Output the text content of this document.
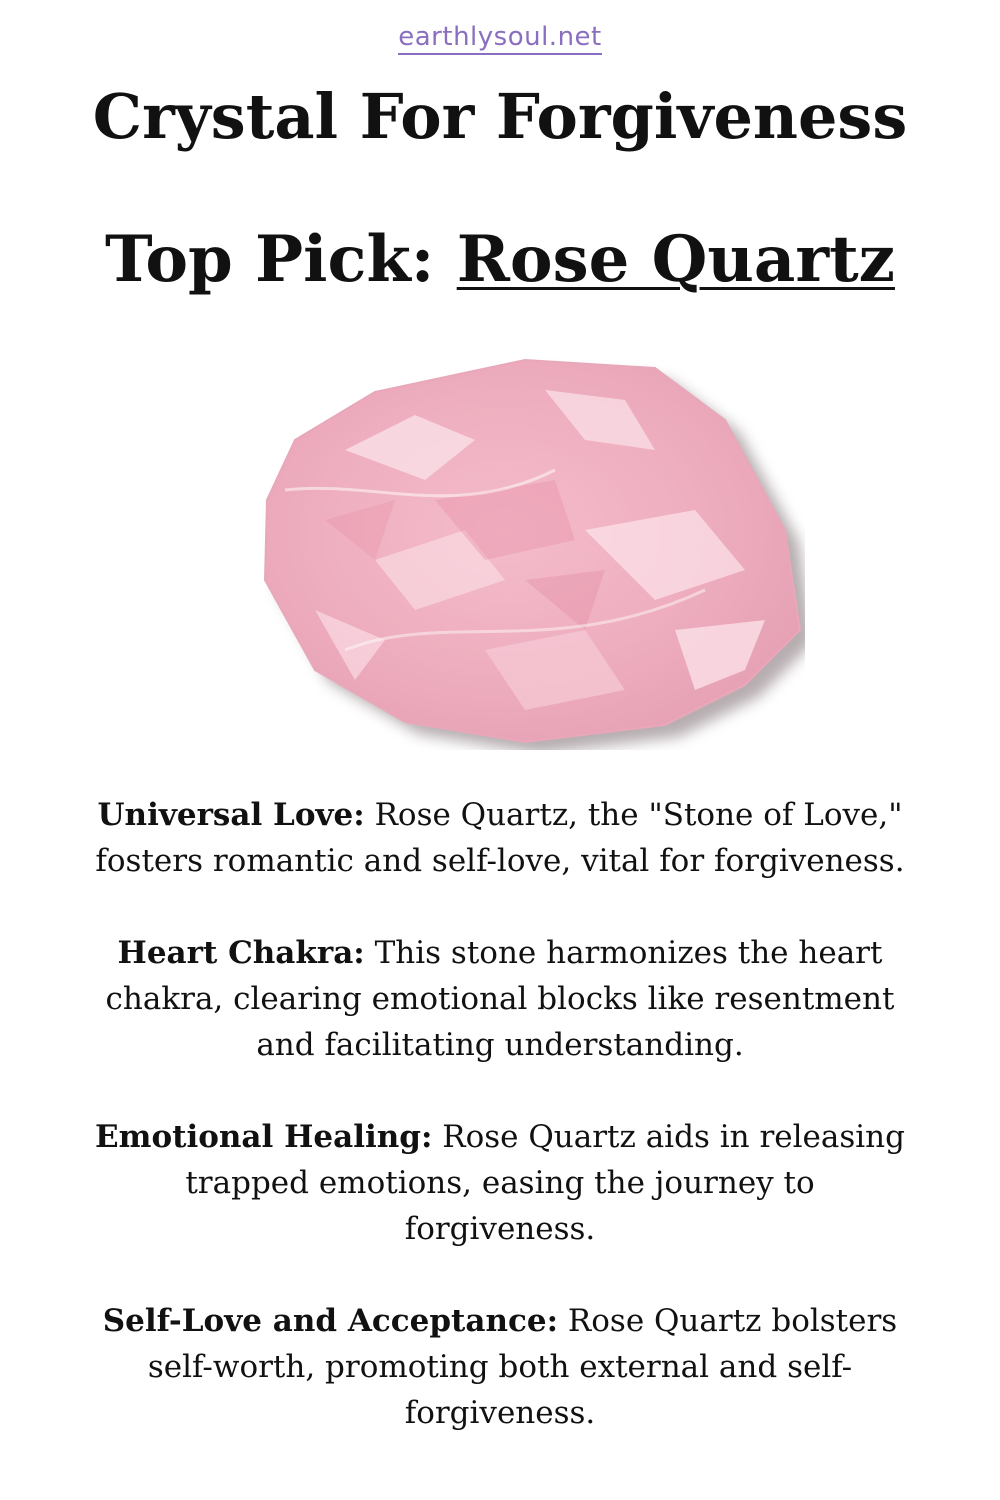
earthlysoul.net
Crystal For Forgiveness
Top Pick: Rose Quartz

Universal Love: Rose Quartz, the "Stone of Love," fosters romantic and self-love, vital for forgiveness.

Heart Chakra: This stone harmonizes the heart chakra, clearing emotional blocks like resentment and facilitating understanding.

Emotional Healing: Rose Quartz aids in releasing trapped emotions, easing the journey to forgiveness.

Self-Love and Acceptance: Rose Quartz bolsters self-worth, promoting both external and self-forgiveness.
